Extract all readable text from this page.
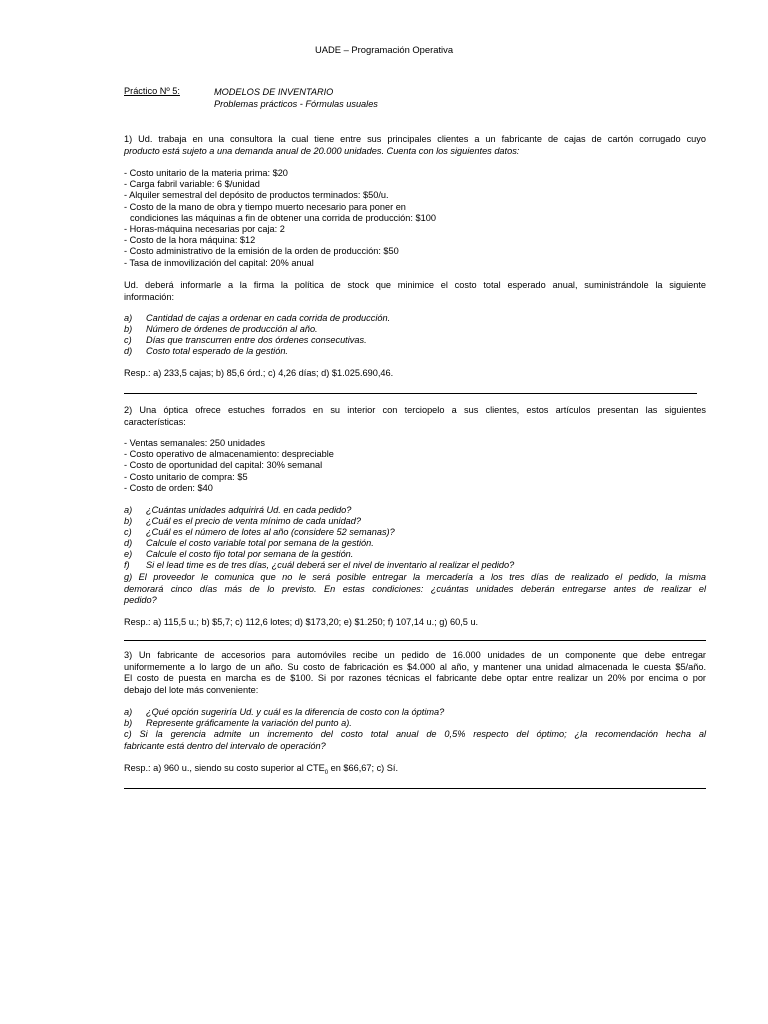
UADE – Programación Operativa
Práctico Nº 5:	MODELOS DE INVENTARIO
Problemas prácticos - Fórmulas usuales

1) Ud. trabaja en una consultora la cual tiene entre sus principales clientes a un fabricante de cajas de cartón corrugado cuyo

producto está sujeto a una demanda anual de 20.000 unidades. Cuenta con los siguientes datos:

- Costo unitario de la materia prima: $20
- Carga fabril variable: 6 $/unidad
- Alquiler semestral del depósito de productos terminados: $50/u.
- Costo de la mano de obra y tiempo muerto necesario para poner en
condiciones las máquinas a fin de obtener una corrida de producción: $100
- Horas-máquina necesarias por caja: 2
- Costo de la hora máquina: $12
- Costo administrativo de la emisión de la orden de producción: $50
- Tasa de inmovilización del capital: 20% anual

Ud. deberá informarle a la firma la política de stock que minimice el costo total esperado anual, suministrándole la siguiente

información:

a)	Cantidad de cajas a ordenar en cada corrida de producción.
b)	Número de órdenes de producción al año.
c)	Días que transcurren entre dos órdenes consecutivas.
d)	Costo total esperado de la gestión.
Resp.: a) 233,5 cajas; b) 85,6 órd.; c) 4,26 días; d) $1.025.690,46.

2) Una óptica ofrece estuches forrados en su interior con terciopelo a sus clientes, estos artículos presentan las siguientes

características:

- Ventas semanales: 250 unidades
- Costo operativo de almacenamiento: despreciable
- Costo de oportunidad del capital: 30% semanal
- Costo unitario de compra: $5
- Costo de orden: $40
a)	¿Cuántas unidades adquirirá Ud. en cada pedido?
b)	¿Cuál es el precio de venta mínimo de cada unidad?
c)	¿Cuál es el número de lotes al año (considere 52 semanas)?
d)	Calcule el costo variable total por semana de la gestión.
e)	Calcule el costo fijo total por semana de la gestión.
f)	Si el lead time es de tres días, ¿cuál deberá ser el nivel de inventario al realizar el pedido?

g) El proveedor le comunica que no le será posible entregar la mercadería a los tres días de realizado el pedido, la misma

demorará cinco días más de lo previsto. En estas condiciones: ¿cuántas unidades deberán entregarse antes de realizar el

pedido?

Resp.: a) 115,5 u.; b) $5,7; c) 112,6 lotes; d) $173,20; e) $1.250; f) 107,14 u.; g) 60,5 u.

3) Un fabricante de accesorios para automóviles recibe un pedido de 16.000 unidades de un componente que debe entregar

uniformemente a lo largo de un año. Su costo de fabricación es $4.000 al año, y mantener una unidad almacenada le cuesta $5/año.

El costo de puesta en marcha es de $100. Si por razones técnicas el fabricante debe optar entre realizar un 20% por encima o por

debajo del lote más conveniente:

a)	¿Qué opción sugeriría Ud. y cuál es la diferencia de costo con la óptima?
b)	Represente gráficamente la variación del punto a).

c) Si la gerencia admite un incremento del costo total anual de 0,5% respecto del óptimo; ¿la recomendación hecha al

fabricante está dentro del intervalo de operación?

Resp.: a) 960 u., siendo su costo superior al $CTE_0$ en $66,67; c) Sí.
